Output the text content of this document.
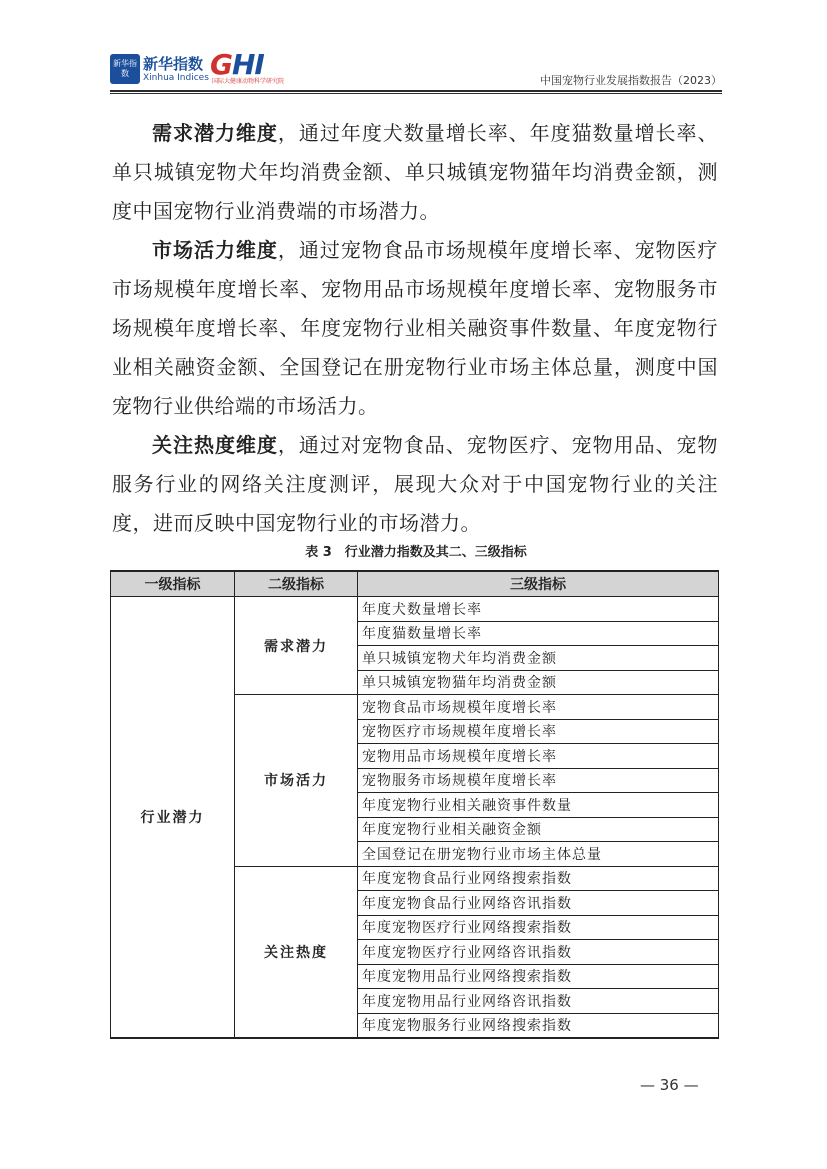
新华指数
新华指数
Xinhua Indices GHI
国际大健康动物科学研究院	中国宠物行业发展指数报告（2023）

需求潜力维度，通过年度犬数量增长率、年度猫数量增长率、单只城镇宠物犬年均消费金额、单只城镇宠物猫年均消费金额，测度中国宠物行业消费端的市场潜力。

市场活力维度，通过宠物食品市场规模年度增长率、宠物医疗市场规模年度增长率、宠物用品市场规模年度增长率、宠物服务市场规模年度增长率、年度宠物行业相关融资事件数量、年度宠物行业相关融资金额、全国登记在册宠物行业市场主体总量，测度中国宠物行业供给端的市场活力。

关注热度维度，通过对宠物食品、宠物医疗、宠物用品、宠物服务行业的网络关注度测评，展现大众对于中国宠物行业的关注度，进而反映中国宠物行业的市场潜力。

表 3　行业潜力指数及其二、三级指标
一级指标	二级指标	三级指标
行业潜力	需求潜力	年度犬数量增长率
		年度猫数量增长率
		单只城镇宠物犬年均消费金额
		单只城镇宠物猫年均消费金额
	市场活力	宠物食品市场规模年度增长率
		宠物医疗市场规模年度增长率
		宠物用品市场规模年度增长率
		宠物服务市场规模年度增长率
		年度宠物行业相关融资事件数量
		年度宠物行业相关融资金额
		全国登记在册宠物行业市场主体总量
	关注热度	年度宠物食品行业网络搜索指数
		年度宠物食品行业网络咨讯指数
		年度宠物医疗行业网络搜索指数
		年度宠物医疗行业网络咨讯指数
		年度宠物用品行业网络搜索指数
		年度宠物用品行业网络咨讯指数
		年度宠物服务行业网络搜索指数
— 36 —
